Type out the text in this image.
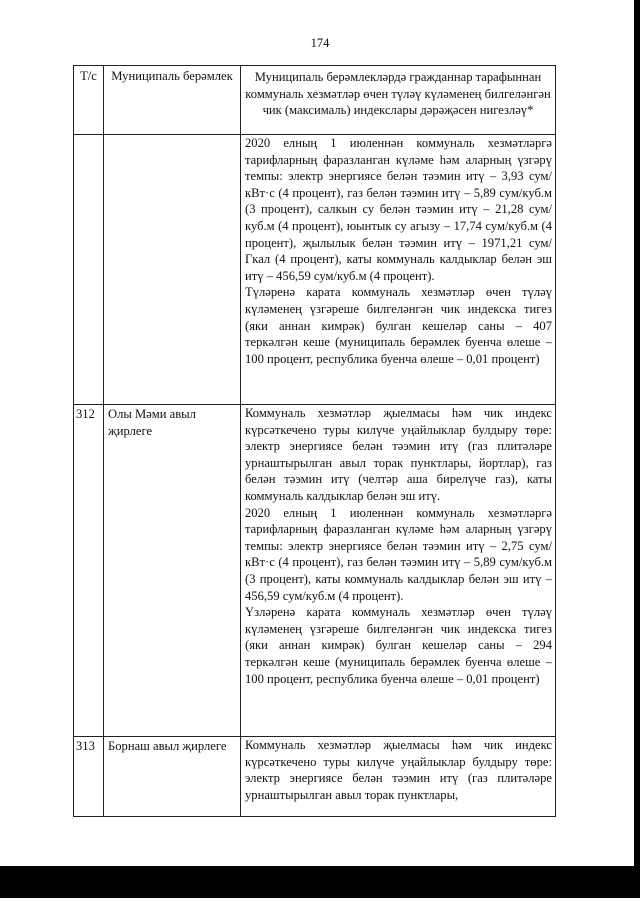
174
Т/с	Муниципаль берәмлек	Муниципаль берәмлекләрдә гражданнар тарафыннан коммуналь хезмәтләр өчен түләү күләменең билгеләнгән чик (максималь) индекслары дәрәҗәсен нигезләү*

		2020 елның 1 июленнән коммуналь хезмәтләргә тарифларның фаразланган күләме һәм аларның үзгәрү темпы: электр энергиясе белән тәэмин итү – 3,93 сум/кВт·с (4 процент), газ белән тәэмин итү – 5,89 сум/куб.м (3 процент), салкын су белән тәэмин итү – 21,28 сум/куб.м (4 процент), юынтык су агызу – 17,74 сум/куб.м (4 процент), җылылык белән тәэмин итү – 1971,21 сум/Гкал (4 процент), каты коммуналь калдыклар белән эш итү – 456,59 сум/куб.м (4 процент).

Түләренә карата коммуналь хезмәтләр өчен түләү күләменең үзгәреше билгеләнгән чик индекска тигез (яки аннан кимрәк) булган кешеләр саны – 407 теркәлгән кеше (муниципаль берәмлек буенча өлеше – 100 процент, республика буенча өлеше – 0,01 процент)

312	Олы Мәми авыл җирлеге	Коммуналь хезмәтләр җыелмасы һәм чик индекс күрсәткечено туры килүче уңайлыклар булдыру төре: электр энергиясе белән тәэмин итү (газ плитәләре урнаштырылган авыл торак пунктлары, йортлар), газ белән тәэмин итү (челтәр аша бирелүче газ), каты коммуналь калдыклар белән эш итү.

2020 елның 1 июленнән коммуналь хезмәтләргә тарифларның фаразланган күләме һәм аларның үзгәрү темпы: электр энергиясе белән тәэмин итү – 2,75 сум/кВт·с (4 процент), газ белән тәэмин итү – 5,89 сум/куб.м (3 процент), каты коммуналь калдыклар белән эш итү – 456,59 сум/куб.м (4 процент).

Үзләренә карата коммуналь хезмәтләр өчен түләү күләменең үзгәреше билгеләнгән чик индекска тигез (яки аннан кимрәк) булган кешеләр саны – 294 теркәлгән кеше (муниципаль берәмлек буенча өлеше – 100 процент, республика буенча өлеше – 0,01 процент)

313	Борнаш авыл җирлеге	Коммуналь хезмәтләр җыелмасы һәм чик индекс күрсәткечено туры килүче уңайлыклар булдыру төре: электр энергиясе белән тәэмин итү (газ плитәләре урнаштырылган авыл торак пунктлары,
